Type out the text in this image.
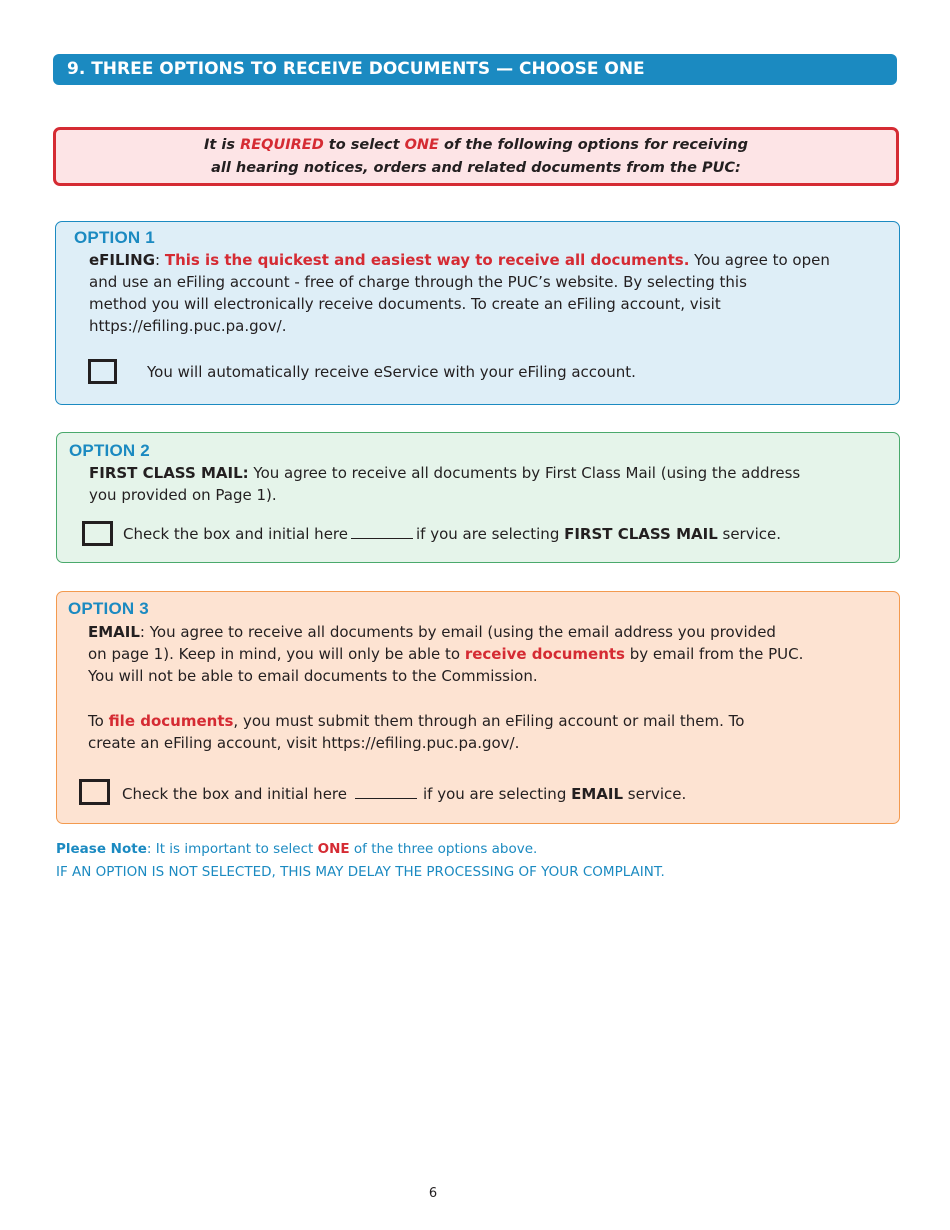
9. THREE OPTIONS TO RECEIVE DOCUMENTS — CHOOSE ONE
It is REQUIRED to select ONE of the following options for receiving
all hearing notices, orders and related documents from the PUC:
OPTION 1

eFILING: This is the quickest and easiest way to receive all documents. You agree to open

and use an eFiling account - free of charge through the PUC’s website. By selecting this

method you will electronically receive documents. To create an eFiling account, visit

https://efiling.puc.pa.gov/.

You will automatically receive eService with your eFiling account.
OPTION 2

FIRST CLASS MAIL: You agree to receive all documents by First Class Mail (using the address

you provided on Page 1).

Check the box and initial here	if you are selecting FIRST CLASS MAIL service.
OPTION 3

EMAIL: You agree to receive all documents by email (using the email address you provided

on page 1). Keep in mind, you will only be able to receive documents by email from the PUC.

You will not be able to email documents to the Commission.

To file documents, you must submit them through an eFiling account or mail them. To

create an eFiling account, visit https://efiling.puc.pa.gov/.

Check the box and initial here	if you are selecting EMAIL service.
Please Note: It is important to select ONE of the three options above.
IF AN OPTION IS NOT SELECTED, THIS MAY DELAY THE PROCESSING OF YOUR COMPLAINT.
6
